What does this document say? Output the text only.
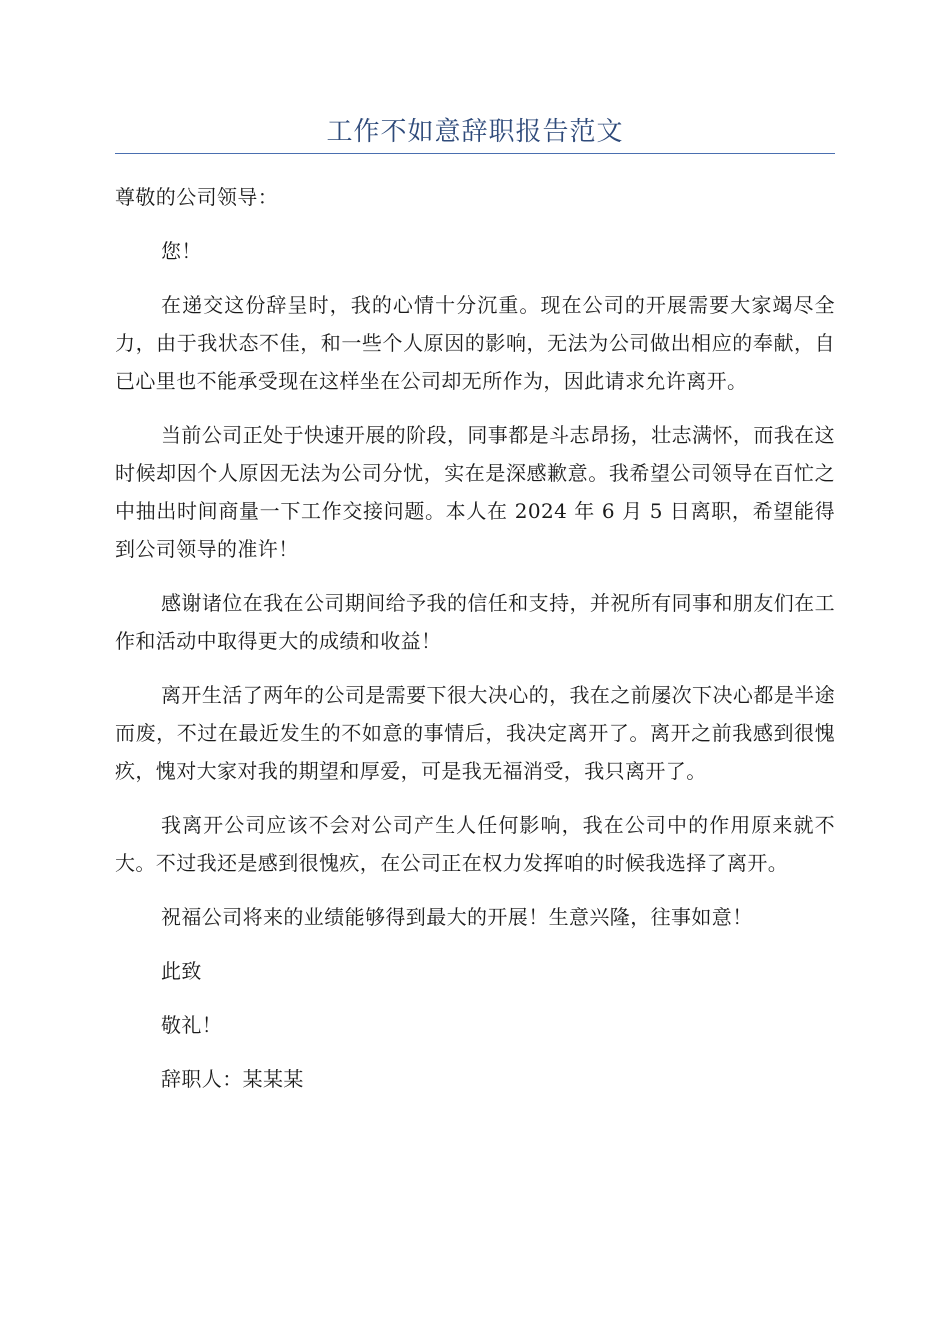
工作不如意辞职报告范文

尊敬的公司领导：

您！

在递交这份辞呈时，我的心情十分沉重。现在公司的开展需要大家竭尽全力，由于我状态不佳，和一些个人原因的影响，无法为公司做出相应的奉献，自已心里也不能承受现在这样坐在公司却无所作为，因此请求允许离开。

当前公司正处于快速开展的阶段，同事都是斗志昂扬，壮志满怀，而我在这时候却因个人原因无法为公司分忧，实在是深感歉意。我希望公司领导在百忙之中抽出时间商量一下工作交接问题。本人在 2024 年 6 月 5 日离职，希望能得到公司领导的准许！

感谢诸位在我在公司期间给予我的信任和支持，并祝所有同事和朋友们在工作和活动中取得更大的成绩和收益！

离开生活了两年的公司是需要下很大决心的，我在之前屡次下决心都是半途而废，不过在最近发生的不如意的事情后，我决定离开了。离开之前我感到很愧疚，愧对大家对我的期望和厚爱，可是我无福消受，我只离开了。

我离开公司应该不会对公司产生人任何影响，我在公司中的作用原来就不大。不过我还是感到很愧疚，在公司正在权力发挥咱的时候我选择了离开。

祝福公司将来的业绩能够得到最大的开展！生意兴隆，往事如意！

此致

敬礼！

辞职人：某某某
